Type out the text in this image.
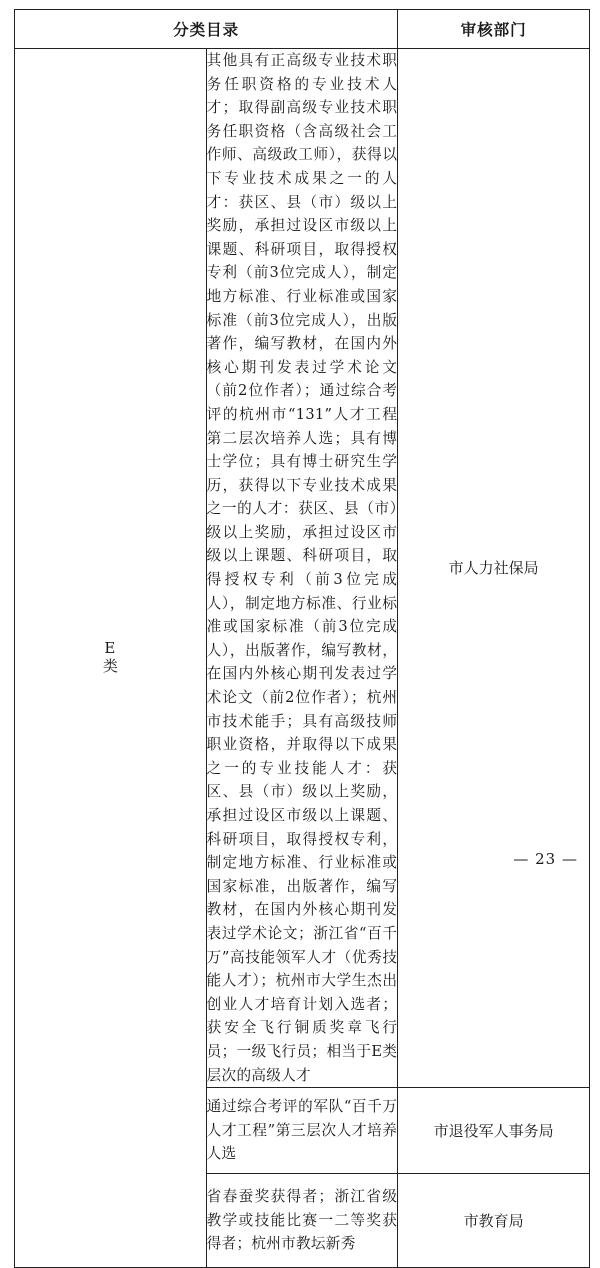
分类目录		审核部门
E类	其他具有正高级专业技术职务任职资格的专业技术人才；取得副高级专业技术职务任职资格（含高级社会工作师、高级政工师），获得以下专业技术成果之一的人才：获区、县（市）级以上奖励，承担过设区市级以上课题、科研项目，取得授权专利（前3位完成人），制定地方标准、行业标准或国家标准（前3位完成人），出版著作，编写教材，在国内外核心期刊发表过学术论文（前2位作者）；通过综合考评的杭州市“131”人才工程第二层次培养人选；具有博士学位；具有博士研究生学历，获得以下专业技术成果之一的人才：获区、县（市）级以上奖励，承担过设区市级以上课题、科研项目，取得授权专利（前3位完成人），制定地方标准、行业标准或国家标准（前3位完成人），出版著作，编写教材，在国内外核心期刊发表过学术论文（前2位作者）；杭州市技术能手；具有高级技师职业资格，并取得以下成果之一的专业技能人才：获区、县（市）级以上奖励，承担过设区市级以上课题、科研项目，取得授权专利，制定地方标准、行业标准或国家标准，出版著作，编写教材，在国内外核心期刊发表过学术论文；浙江省“百千万”高技能领军人才（优秀技能人才）；杭州市大学生杰出创业人才培育计划入选者；获安全飞行铜质奖章飞行员；一级飞行员；相当于E类层次的高级人才	市人力社保局
	通过综合考评的军队“百千万人才工程”第三层次人才培养人选	市退役军人事务局
	省春蚕奖获得者；浙江省级教学或技能比赛一二等奖获得者；杭州市教坛新秀	市教育局
— 23 —
